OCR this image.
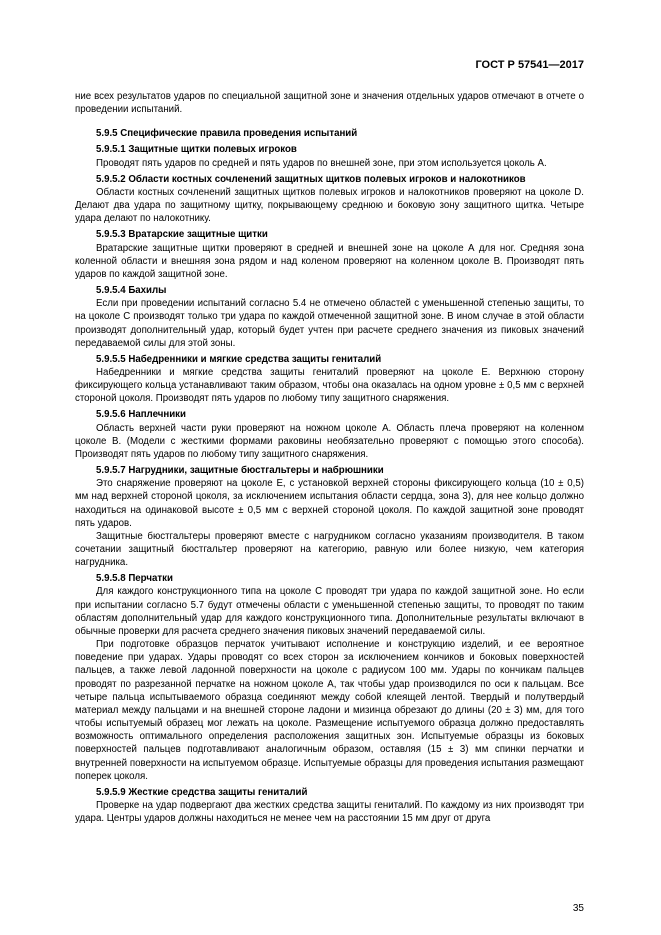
ГОСТ Р 57541—2017

ние всех результатов ударов по специальной защитной зоне и значения отдельных ударов отмечают в отчете о проведении испытаний.

5.9.5 Специфические правила проведения испытаний
5.9.5.1 Защитные щитки полевых игроков

Проводят пять ударов по средней и пять ударов по внешней зоне, при этом используется цоколь А.

5.9.5.2 Области костных сочленений защитных щитков полевых игроков и налокотников

Области костных сочленений защитных щитков полевых игроков и налокотников проверяют на цоколе D. Делают два удара по защитному щитку, покрывающему среднюю и боковую зону защитного щитка. Четыре удара делают по налокотнику.

5.9.5.3 Вратарские защитные щитки

Вратарские защитные щитки проверяют в средней и внешней зоне на цоколе А для ног. Средняя зона коленной области и внешняя зона рядом и над коленом проверяют на коленном цоколе В. Производят пять ударов по каждой защитной зоне.

5.9.5.4 Бахилы

Если при проведении испытаний согласно 5.4 не отмечено областей с уменьшенной степенью защиты, то на цоколе С производят только три удара по каждой отмеченной защитной зоне. В ином случае в этой области производят дополнительный удар, который будет учтен при расчете среднего значения из пиковых значений передаваемой силы для этой зоны.

5.9.5.5 Набедренники и мягкие средства защиты гениталий

Набедренники и мягкие средства защиты гениталий проверяют на цоколе Е. Верхнюю сторону фиксирующего кольца устанавливают таким образом, чтобы она оказалась на одном уровне ± 0,5 мм с верхней стороной цоколя. Производят пять ударов по любому типу защитного снаряжения.

5.9.5.6 Наплечники

Область верхней части руки проверяют на ножном цоколе А. Область плеча проверяют на коленном цоколе В. (Модели с жесткими формами раковины необязательно проверяют с помощью этого способа). Производят пять ударов по любому типу защитного снаряжения.

5.9.5.7 Нагрудники, защитные бюстгальтеры и набрюшники

Это снаряжение проверяют на цоколе Е, с установкой верхней стороны фиксирующего кольца (10 ± 0,5) мм над верхней стороной цоколя, за исключением испытания области сердца, зона 3), для нее кольцо должно находиться на одинаковой высоте ± 0,5 мм с верхней стороной цоколя. По каждой защитной зоне проводят пять ударов.

Защитные бюстгальтеры проверяют вместе с нагрудником согласно указаниям производителя. В таком сочетании защитный бюстгальтер проверяют на категорию, равную или более низкую, чем категория нагрудника.

5.9.5.8 Перчатки

Для каждого конструкционного типа на цоколе С проводят три удара по каждой защитной зоне. Но если при испытании согласно 5.7 будут отмечены области с уменьшенной степенью защиты, то проводят по таким областям дополнительный удар для каждого конструкционного типа. Дополнительные результаты включают в обычные проверки для расчета среднего значения пиковых значений передаваемой силы.

При подготовке образцов перчаток учитывают исполнение и конструкцию изделий, и ее вероятное поведение при ударах. Удары проводят со всех сторон за исключением кончиков и боковых поверхностей пальцев, а также левой ладонной поверхности на цоколе с радиусом 100 мм. Удары по кончикам пальцев проводят по разрезанной перчатке на ножном цоколе А, так чтобы удар производился по оси к пальцам. Все четыре пальца испытываемого образца соединяют между собой клеящей лентой. Твердый и полутвердый материал между пальцами и на внешней стороне ладони и мизинца обрезают до длины (20 ± 3) мм, для того чтобы испытуемый образец мог лежать на цоколе. Размещение испытуемого образца должно предоставлять возможность оптимального определения расположения защитных зон. Испытуемые образцы из боковых поверхностей пальцев подготавливают аналогичным образом, оставляя (15 ± 3) мм спинки перчатки и внутренней поверхности на испытуемом образце. Испытуемые образцы для проведения испытания размещают поперек цоколя.

5.9.5.9 Жесткие средства защиты гениталий

Проверке на удар подвергают два жестких средства защиты гениталий. По каждому из них производят три удара. Центры ударов должны находиться не менее чем на расстоянии 15 мм друг от друга

35
